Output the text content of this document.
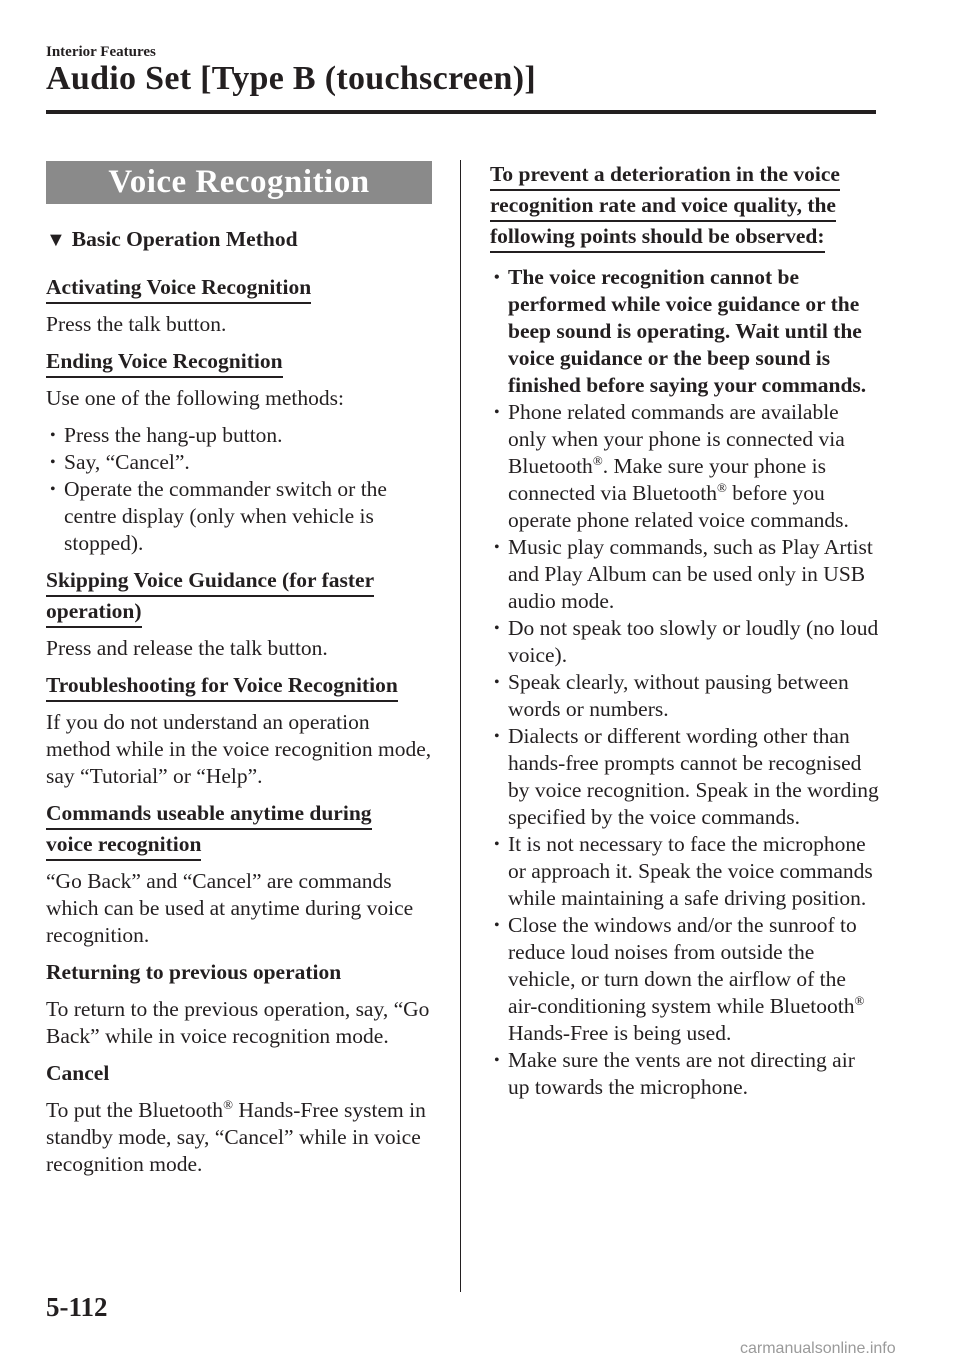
Interior Features
Audio Set [Type B (touchscreen)]
Voice Recognition
▼ Basic Operation Method
Activating Voice Recognition

Press the talk button.

Ending Voice Recognition

Use one of the following methods:

• Press the hang-up button.
• Say, “Cancel”.
• Operate the commander switch or the centre display (only when vehicle is stopped).
Skipping Voice Guidance (for faster
operation)

Press and release the talk button.

Troubleshooting for Voice Recognition

If you do not understand an operation method while in the voice recognition mode, say “Tutorial” or “Help”.

Commands useable anytime during
voice recognition

“Go Back” and “Cancel” are commands which can be used at anytime during voice recognition.

Returning to previous operation

To return to the previous operation, say, “Go Back” while in voice recognition mode.

Cancel

To put the Bluetooth® Hands-Free system in standby mode, say, “Cancel” while in voice recognition mode.

To prevent a deterioration in the voice
recognition rate and voice quality, the
following points should be observed:
• The voice recognition cannot be performed while voice guidance or the beep sound is operating. Wait until the voice guidance or the beep sound is finished before saying your commands.
• Phone related commands are available only when your phone is connected via Bluetooth®. Make sure your phone is connected via Bluetooth® before you operate phone related voice commands.
• Music play commands, such as Play Artist and Play Album can be used only in USB audio mode.
• Do not speak too slowly or loudly (no loud voice).
• Speak clearly, without pausing between words or numbers.
• Dialects or different wording other than hands-free prompts cannot be recognised by voice recognition. Speak in the wording specified by the voice commands.
• It is not necessary to face the microphone or approach it. Speak the voice commands while maintaining a safe driving position.
• Close the windows and/or the sunroof to reduce loud noises from outside the vehicle, or turn down the airflow of the air-conditioning system while Bluetooth® Hands-Free is being used.
• Make sure the vents are not directing air up towards the microphone.
5-112
carmanualsonline.info
